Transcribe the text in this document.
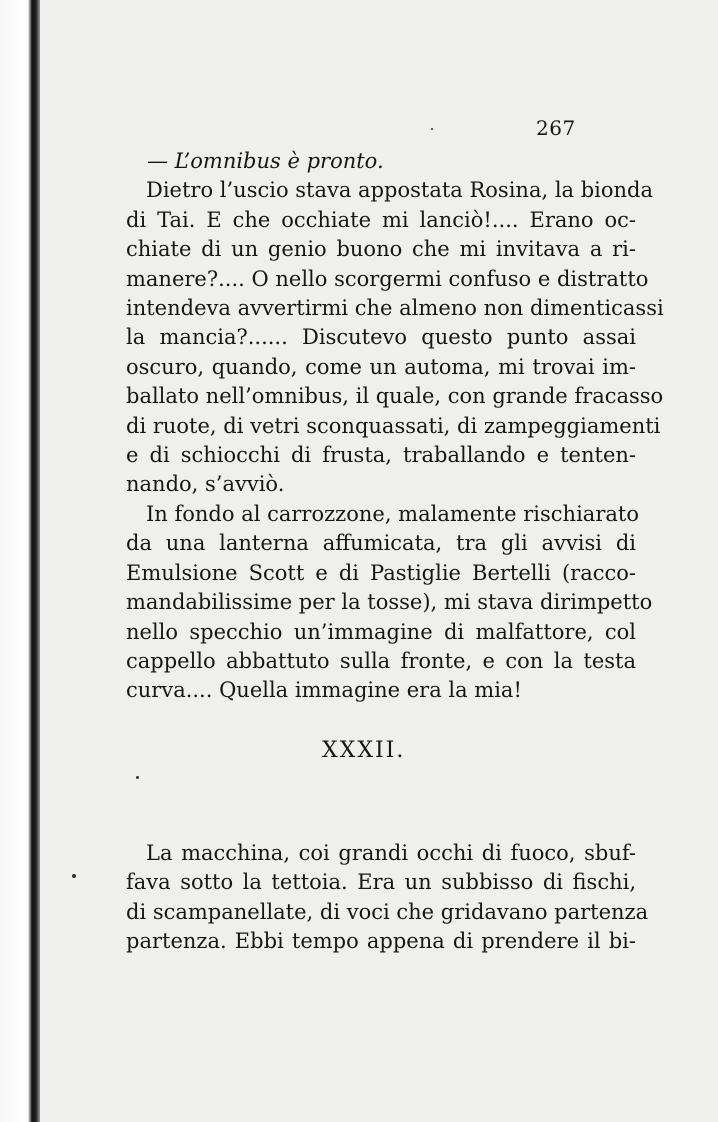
267
— L’omnibus è pronto.
Dietro l’uscio stava appostata Rosina, la bionda
di Tai. E che occhiate mi lanciò!.... Erano oc-
chiate di un genio buono che mi invitava a ri-
manere?.... O nello scorgermi confuso e distratto
intendeva avvertirmi che almeno non dimenticassi
la mancia?...... Discutevo questo punto assai
oscuro, quando, come un automa, mi trovai im-
ballato nell’omnibus, il quale, con grande fracasso
di ruote, di vetri sconquassati, di zampeggiamenti
e di schiocchi di frusta, traballando e tenten-
nando, s’avviò.
In fondo al carrozzone, malamente rischiarato
da una lanterna affumicata, tra gli avvisi di
Emulsione Scott e di Pastiglie Bertelli (racco-
mandabilissime per la tosse), mi stava dirimpetto
nello specchio un’immagine di malfattore, col
cappello abbattuto sulla fronte, e con la testa
curva.... Quella immagine era la mia!
XXXII.
La macchina, coi grandi occhi di fuoco, sbuf-
fava sotto la tettoia. Era un subbisso di fischi,
di scampanellate, di voci che gridavano partenza
partenza. Ebbi tempo appena di prendere il bi-
